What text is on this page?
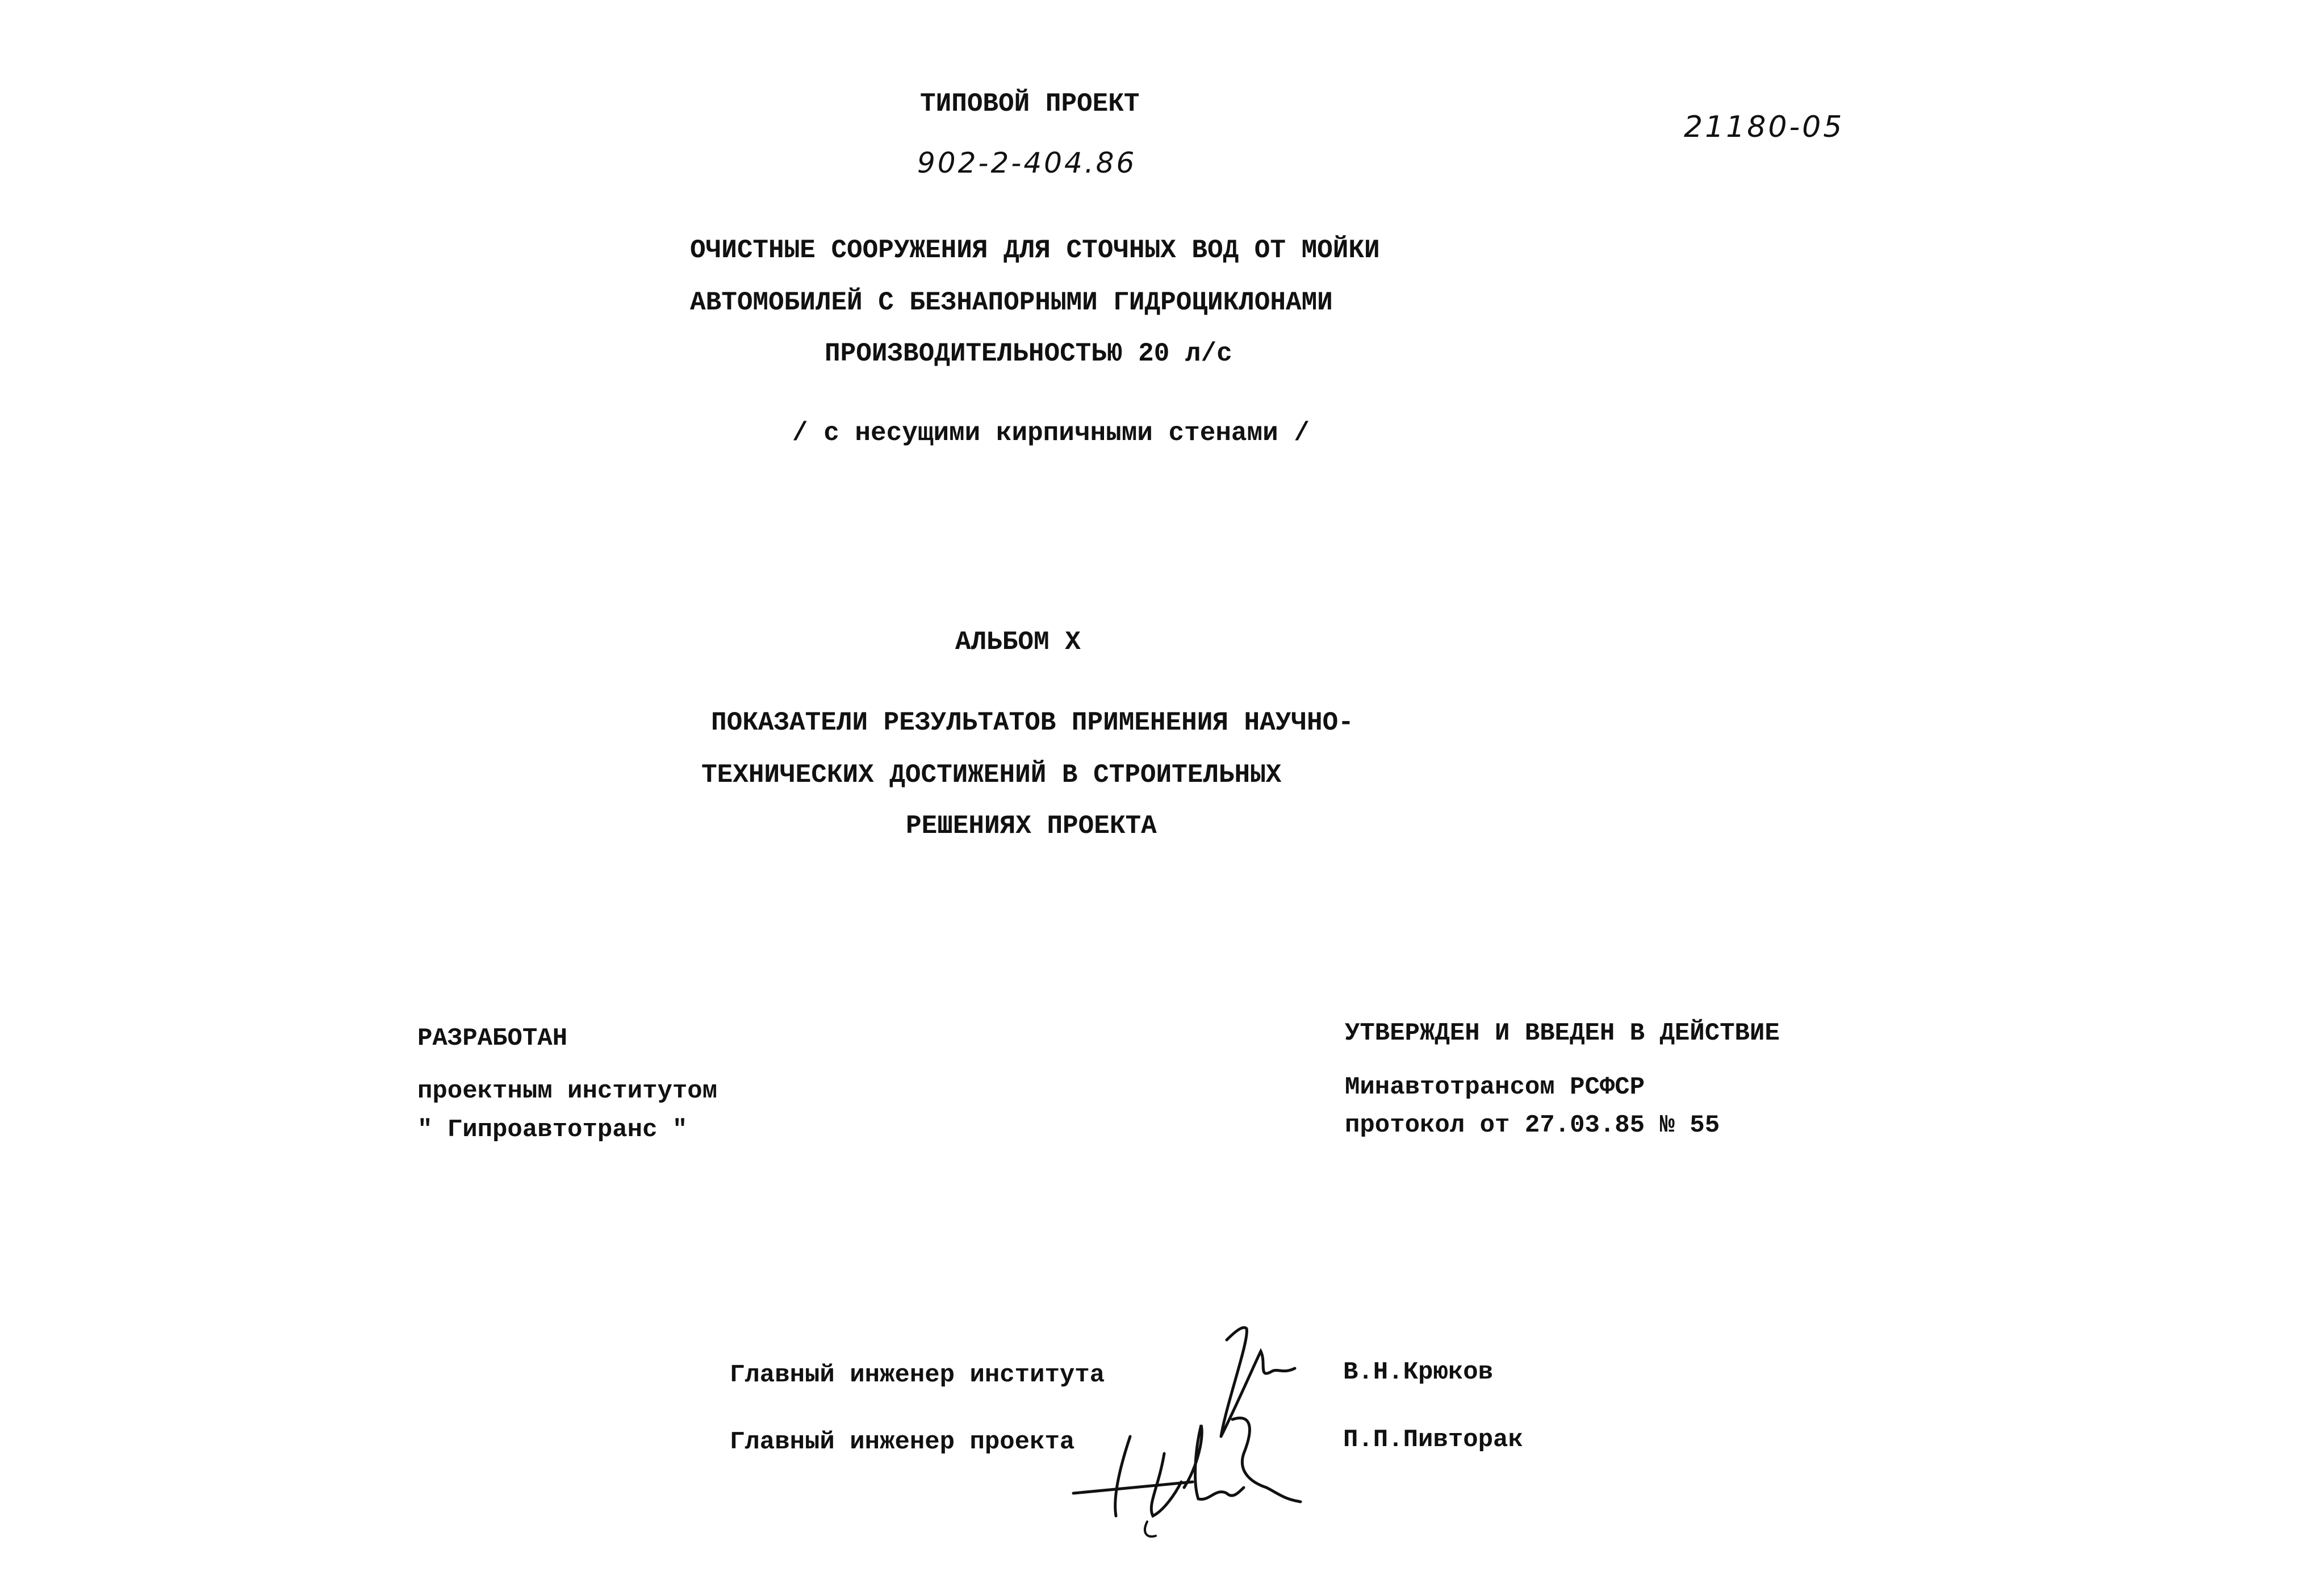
ТИПОВОЙ ПРОЕКТ
902-2-404.86
21180-05
ОЧИСТНЫЕ СООРУЖЕНИЯ ДЛЯ СТОЧНЫХ ВОД ОТ МОЙКИ
АВТОМОБИЛЕЙ С БЕЗНАПОРНЫМИ ГИДРОЦИКЛОНАМИ
ПРОИЗВОДИТЕЛЬНОСТЬЮ 20 л/с
/ с несущими кирпичными стенами /
АЛЬБОМ X
ПОКАЗАТЕЛИ РЕЗУЛЬТАТОВ ПРИМЕНЕНИЯ НАУЧНО-
ТЕХНИЧЕСКИХ ДОСТИЖЕНИЙ В СТРОИТЕЛЬНЫХ
РЕШЕНИЯХ ПРОЕКТА
РАЗРАБОТАН
проектным институтом
" Гипроавтотранс "
УТВЕРЖДЕН И ВВЕДЕН В ДЕЙСТВИЕ
Минавтотрансом РСФСР
протокол от 27.03.85 № 55
Главный инженер института	В.Н.Крюков
Главный инженер проекта	П.П.Пивторак
